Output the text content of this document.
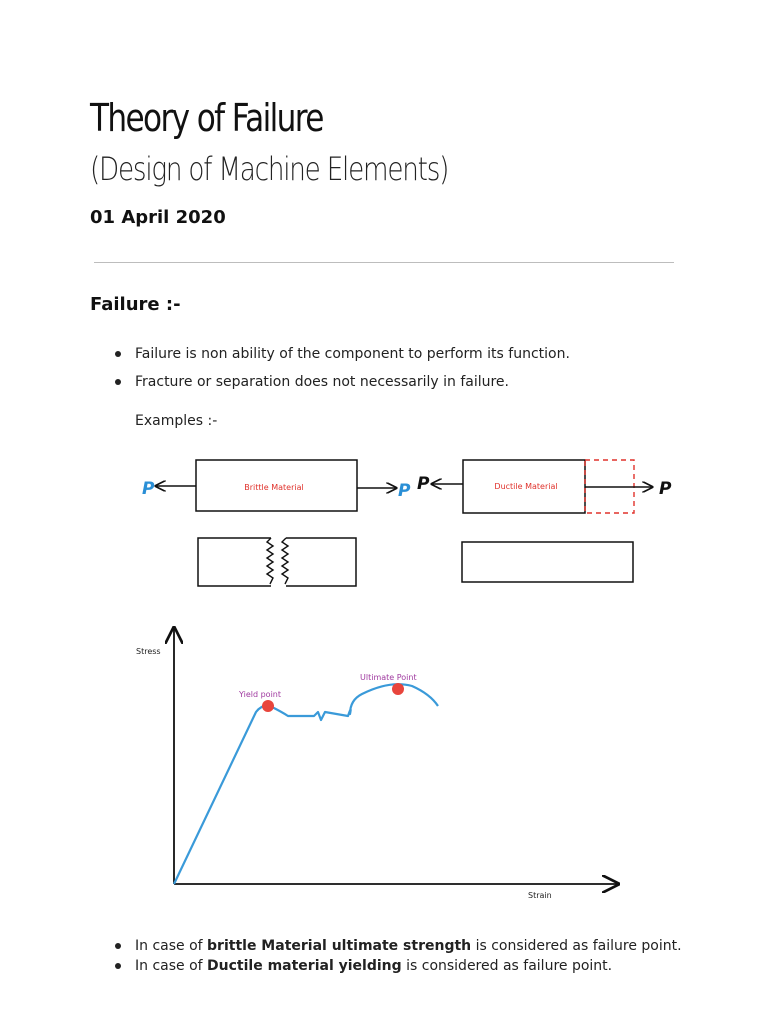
Theory of Failure
(Design of Machine Elements)
01 April 2020
Failure :-
Failure is non ability of the component to perform its function.
Fracture or separation does not necessarily in failure.
Examples :-
Brittle Material
P	P	Ductile Material
P	P
Stress
Strain
Yield point
Ultimate Point
In case of brittle Material ultimate strength is considered as failure point.
In case of Ductile material yielding is considered as failure point.
